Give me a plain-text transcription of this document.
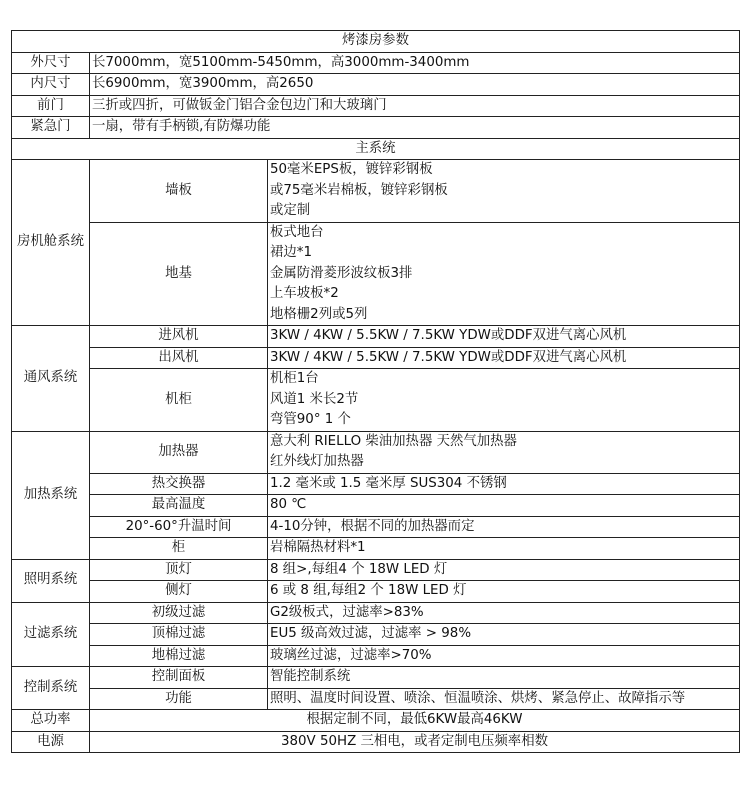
烤漆房参数		
外尺寸	长7000mm，宽5100mm-5450mm，高3000mm-3400mm	
内尺寸	长6900mm，宽3900mm，高2650	
前门	三折或四折，可做钣金门铝合金包边门和大玻璃门	
紧急门	一扇，带有手柄锁,有防爆功能	
主系统		
房机舱系统	墙板	50毫米EPS板，镀锌彩钢板
或75毫米岩棉板，镀锌彩钢板
或定制

	地基	板式地台
裙边*1
金属防滑菱形波纹板3排
上车坡板*2
地格栅2列或5列

通风系统	进风机	3KW / 4KW / 5.5KW / 7.5KW YDW或DDF双进气离心风机
	出风机	3KW / 4KW / 5.5KW / 7.5KW YDW或DDF双进气离心风机
	机柜	机柜1台
风道1 米长2节
弯管90° 1 个

加热系统	加热器	意大利 RIELLO 柴油加热器 天然气加热器
红外线灯加热器

	热交换器	1.2 毫米或 1.5 毫米厚 SUS304 不锈钢
	最高温度	80 ℃
	20°-60°升温时间	4-10分钟，根据不同的加热器而定
	柜	岩棉隔热材料*1
照明系统	顶灯	8 组>,每组4 个 18W LED 灯
	侧灯	6 或 8 组,每组2 个 18W LED 灯
过滤系统	初级过滤	G2级板式，过滤率>83%
	顶棉过滤	EU5 级高效过滤，过滤率 > 98%
	地棉过滤	玻璃丝过滤，过滤率>70%
控制系统	控制面板	智能控制系统
	功能	照明、温度时间设置、喷涂、恒温喷涂、烘烤、紧急停止、故障指示等
总功率	根据定制不同，最低6KW最高46KW	
电源	380V 50HZ 三相电，或者定制电压频率相数	
